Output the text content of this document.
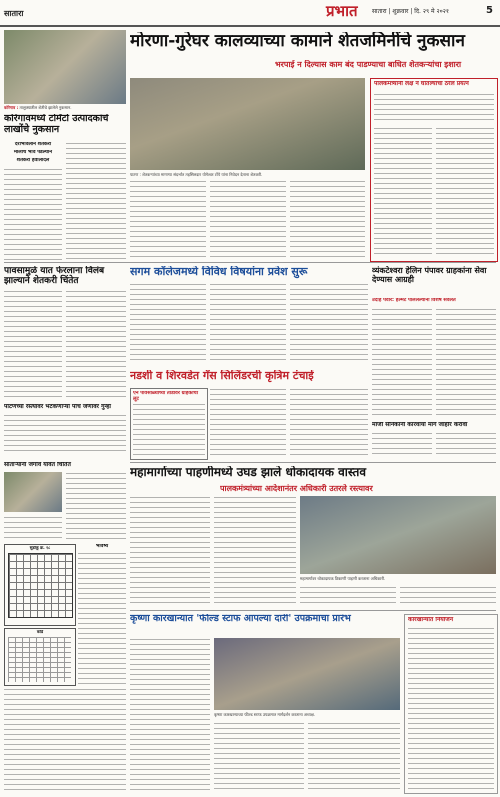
सातारा	प्रभात सातारा | शुक्रवार | दि. २९ मे २०२१	5
मोरणा-गुरेघर कालव्याच्या कामाने शेतजमिनींचे नुकसान
भरपाई न दिल्यास काम बंद पाडण्याचा बाधित शेतकऱ्यांचा इशारा
कोरेगाव : तालुक्यातील शेतीचे झालेले नुकसान.
कोरेगावमध्ये टोमॅटो उत्पादकांचे लाखोंचे नुकसान
दराभोवलाने शेतकरी
मालाचे भाव पडल्याने
शेतकरी हवालदिल
पाटण : शेतकऱ्यांच्या मागण्या संदर्भात तहसिलदार योगेश्वर टोंपे यांना निवेदन देताना शेतकरी.
पालकमंत्र्यांनी लक्ष न घातल्याचा ठरेल प्रयत्न
पावसामुळे यात फेरलाना विलंब झाल्याने शेतकरी चिंतेत
सगम कॉलेजमध्ये विविध विषयांना प्रवेश सुरू	व्यंकटेश्वरा हेलिन पंपावर ग्राहकांना सेवा देण्यास आग्रही
उदाह पवार: हेल्मेट पाललेल्यांना विशेष सवलत
नडशी व शिरवडेत गॅस सिलिंडरची कृत्रिम टंचाई
ऐन पावसाळ्याच्या तोंडावर ग्राहकांची लूट
पाटणच्या रस्त्यावर भटकणाऱ्या पाच जणांवर गुन्हा
माजी सैनिकांनी कारवाया मार्ग जाहीर करावा
महामार्गाच्या पाहणीमध्ये उघड झाले धोकादायक वास्तव
पालकमंत्र्यांच्या आदेशानंतर अधिकारी उतरले रस्त्यावर
महामार्गावर धोकादायक ठिकाणी पाहणी करताना अधिकारी.
साताऱ्यांनी जगावे यावेत चिंतित
सुडोकू क्र. १८
कोडे
भविष्य
कृष्णा कारखान्यात 'फील्ड स्टाफ आपल्या दारी' उपक्रमाचा प्रारंभ
कृष्णा कारखान्याच्या फील्ड स्टाफ उपक्रमात मार्गदर्शन करताना अध्यक्ष.
कारखान्यात नियोजन
